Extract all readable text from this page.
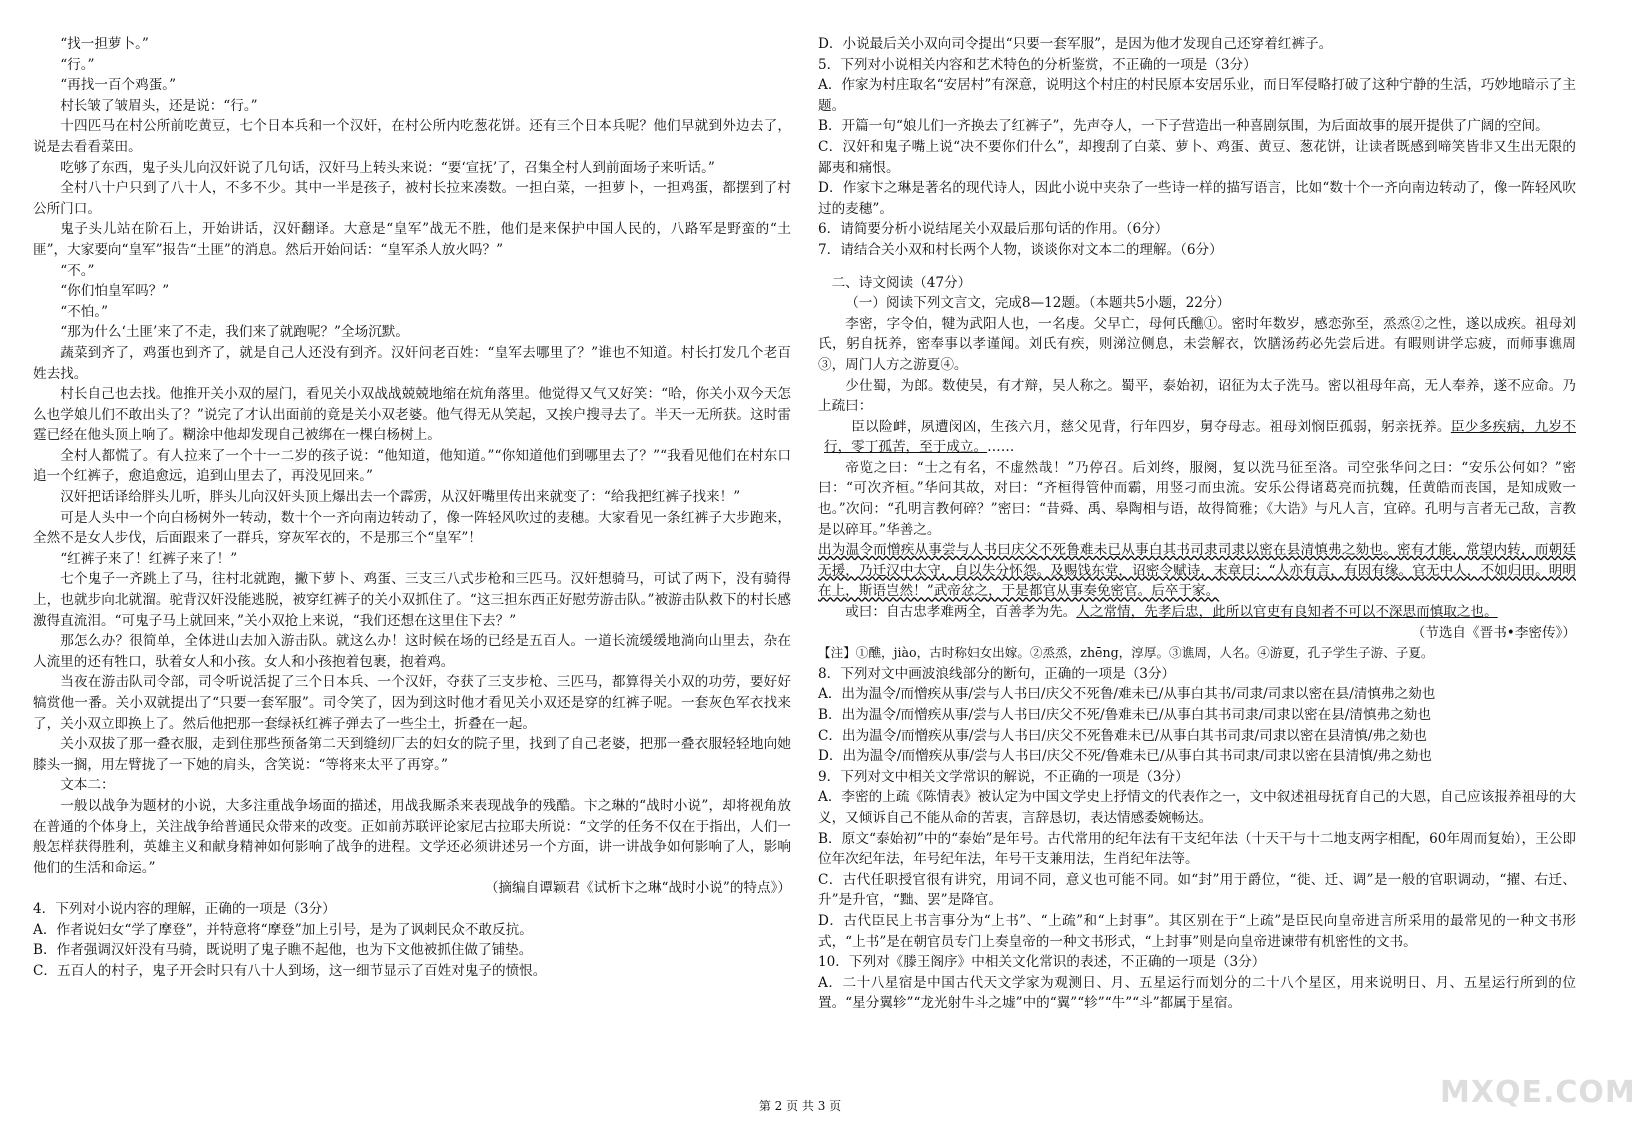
“找一担萝卜。”

“行。”

“再找一百个鸡蛋。”

村长皱了皱眉头，还是说：“行。”

十四匹马在村公所前吃黄豆，七个日本兵和一个汉奸，在村公所内吃葱花饼。还有三个日本兵呢？他们早就到外边去了，说是去看看菜田。

吃够了东西，鬼子头儿向汉奸说了几句话，汉奸马上转头来说：“要‘宣抚’了，召集全村人到前面场子来听话。”

全村八十户只到了八十人，不多不少。其中一半是孩子，被村长拉来凑数。一担白菜，一担萝卜，一担鸡蛋，都摆到了村公所门口。

鬼子头儿站在阶石上，开始讲话，汉奸翻译。大意是“皇军”战无不胜，他们是来保护中国人民的，八路军是野蛮的“土匪”，大家要向“皇军”报告“土匪”的消息。然后开始问话：“皇军杀人放火吗？”

“不。”

“你们怕皇军吗？”

“不怕。”

“那为什么‘土匪’来了不走，我们来了就跑呢？”全场沉默。

蔬菜到齐了，鸡蛋也到齐了，就是自己人还没有到齐。汉奸问老百姓：“皇军去哪里了？”谁也不知道。村长打发几个老百姓去找。

村长自己也去找。他推开关小双的屋门，看见关小双战战兢兢地缩在炕角落里。他觉得又气又好笑：“哈，你关小双今天怎么也学娘儿们不敢出头了？”说完了才认出面前的竟是关小双老婆。他气得无从笑起，又挨户搜寻去了。半天一无所获。这时雷霆已经在他头顶上响了。糊涂中他却发现自己被绑在一棵白杨树上。

全村人都慌了。有人拉来了一个十一二岁的孩子说：“他知道，他知道。”“你知道他们到哪里去了？”“我看见他们在村东口追一个红裤子，愈追愈远，追到山里去了，再没见回来。”

汉奸把话译给胖头儿听，胖头儿向汉奸头顶上爆出去一个霹雳，从汉奸嘴里传出来就变了：“给我把红裤子找来！”

可是人头中一个向白杨树外一转动，数十个一齐向南边转动了，像一阵轻风吹过的麦穗。大家看见一条红裤子大步跑来，全然不是女人步伐，后面跟来了一群兵，穿灰军衣的，不是那三个“皇军”！

“红裤子来了！红裤子来了！”

七个鬼子一齐跳上了马，往村北就跑，撇下萝卜、鸡蛋、三支三八式步枪和三匹马。汉奸想骑马，可试了两下，没有骑得上，也就步向北就溜。驼背汉奸没能逃脱，被穿红裤子的关小双抓住了。“这三担东西正好慰劳游击队。”被游击队救下的村长感激得直流泪。“可鬼子马上就回来，”关小双抢上来说，“我们还想在这里住下去？”

那怎么办？很简单，全体进山去加入游击队。就这么办！这时候在场的已经是五百人。一道长流缓缓地淌向山里去，杂在人流里的还有牲口，驮着女人和小孩。女人和小孩抱着包裹，抱着鸡。

当夜在游击队司令部，司令听说活捉了三个日本兵、一个汉奸，夺获了三支步枪、三匹马，都算得关小双的功劳，要好好犒赏他一番。关小双就提出了“只要一套军服”。司令笑了，因为到这时他才看见关小双还是穿的红裤子呢。一套灰色军衣找来了，关小双立即换上了。然后他把那一套绿袄红裤子弹去了一些尘土，折叠在一起。

关小双拔了那一叠衣服，走到住那些预备第二天到缝纫厂去的妇女的院子里，找到了自己老婆，把那一叠衣服轻轻地向她膝头一搁，用左臂拢了一下她的肩头，含笑说：“等将来太平了再穿。”

文本二：

一般以战争为题材的小说，大多注重战争场面的描述，用战我厮杀来表现战争的残酷。卞之琳的“战时小说”，却将视角放在普通的个体身上，关注战争给普通民众带来的改变。正如前苏联评论家尼古拉耶夫所说：“文学的任务不仅在于指出，人们一般怎样获得胜利，英雄主义和献身精神如何影响了战争的进程。文学还必须讲述另一个方面，讲一讲战争如何影响了人，影响他们的生活和命运。”

（摘编自谭颖君《试析卞之琳“战时小说”的特点》）

4．下列对小说内容的理解，正确的一项是（3分）

A．作者说妇女“学了摩登”，并特意将“摩登”加上引号，是为了讽刺民众不敢反抗。

B．作者强调汉奸没有马骑，既说明了鬼子瞧不起他，也为下文他被抓住做了铺垫。

C．五百人的村子，鬼子开会时只有八十人到场，这一细节显示了百姓对鬼子的愤恨。

D．小说最后关小双向司令提出“只要一套军服”，是因为他才发现自己还穿着红裤子。

5．下列对小说相关内容和艺术特色的分析鉴赏，不正确的一项是（3分）

A．作家为村庄取名“安居村”有深意，说明这个村庄的村民原本安居乐业，而日军侵略打破了这种宁静的生活，巧妙地暗示了主题。

B．开篇一句“娘儿们一齐换去了红裤子”，先声夺人，一下子营造出一种喜剧氛围，为后面故事的展开提供了广阔的空间。

C．汉奸和鬼子嘴上说“决不要你们什么”，却搜刮了白菜、萝卜、鸡蛋、黄豆、葱花饼，让读者既感到啼笑皆非又生出无限的鄙夷和痛恨。

D．作家卞之琳是著名的现代诗人，因此小说中夹杂了一些诗一样的描写语言，比如“数十个一齐向南边转动了，像一阵轻风吹过的麦穗”。

6．请简要分析小说结尾关小双最后那句话的作用。（6分）

7．请结合关小双和村长两个人物，谈谈你对文本二的理解。（6分）

二、诗文阅读（47分）

（一）阅读下列文言文，完成8—12题。（本题共5小题，22分）

李密，字令伯，犍为武阳人也，一名虔。父早亡，母何氏醮①。密时年数岁，感恋弥至，烝烝②之性，遂以成疾。祖母刘氏，躬自抚养，密奉事以孝谨闻。刘氏有疾，则涕泣侧息，未尝解衣，饮膳汤药必先尝后进。有暇则讲学忘疲，而师事谯周③，周门人方之游夏④。

少仕蜀，为郎。数使吴，有才辩，吴人称之。蜀平，泰始初，诏征为太子洗马。密以祖母年高，无人奉养，遂不应命。乃上疏曰：

臣以险衅，夙遭闵凶，生孩六月，慈父见背，行年四岁，舅夺母志。祖母刘悯臣孤弱，躬亲抚养。臣少多疾病，九岁不行，零丁孤苦，至于成立。……

帝览之曰：“士之有名，不虚然哉！”乃停召。后刘终，服阕，复以洗马征至洛。司空张华问之曰：“安乐公何如？”密曰：“可次齐桓。”华问其故，对曰：“齐桓得管仲而霸，用竖刁而虫流。安乐公得诸葛亮而抗魏，任黄皓而丧国，是知成败一也。”次问：“孔明言教何碎？”密曰：“昔舜、禹、皋陶相与语，故得简雅；《大诰》与凡人言，宜碎。孔明与言者无己敌，言教是以碎耳。”华善之。

出为温令而憎疾从事尝与人书曰庆父不死鲁难未已从事白其书司隶司隶以密在县清慎弗之劾也。密有才能，常望内转，而朝廷无援，乃迁汉中太守，自以失分怀怨。及赐饯东堂，诏密令赋诗，末章曰：“人亦有言，有因有缘。官无中人，不如归田。明明在上，斯语岂然！”武帝忿之，于是都官从事奏免密官。后卒于家。

或曰：自古忠孝难两全，百善孝为先。人之常情，先孝后忠，此所以官吏有良知者不可以不深思而慎取之也。

（节选自《晋书•李密传》）

【注】①醮，jiào，古时称妇女出嫁。②烝烝，zhēng，淳厚。③谯周，人名。④游夏，孔子学生子游、子夏。

8．下列对文中画波浪线部分的断句，正确的一项是（3分）

A．出为温令/而憎疾从事/尝与人书曰/庆父不死鲁/难未已/从事白其书/司隶/司隶以密在县/清慎弗之劾也

B．出为温令/而憎疾从事/尝与人书曰/庆父不死/鲁难未已/从事白其书司隶/司隶以密在县/清慎弗之劾也

C．出为温令/而憎疾从事/尝与人书曰/庆父不死鲁难未已/从事白其书司隶/司隶以密在县清慎/弗之劾也

D．出为温令/而憎疾从事/尝与人书曰/庆父不死/鲁难未已/从事白其书司隶/司隶以密在县清慎/弗之劾也

9．下列对文中相关文学常识的解说，不正确的一项是（3分）

A．李密的上疏《陈情表》被认定为中国文学史上抒情文的代表作之一，文中叙述祖母抚育自己的大恩，自己应该报养祖母的大义，又倾诉自己不能从命的苦衷，言辞恳切，表达情感委婉畅达。

B．原文“泰始初”中的“泰始”是年号。古代常用的纪年法有干支纪年法（十天干与十二地支两字相配，60年周而复始），王公即位年次纪年法，年号纪年法，年号干支兼用法，生肖纪年法等。

C．古代任职授官很有讲究，用词不同，意义也可能不同。如“封”用于爵位，“徙、迁、调”是一般的官职调动，“擢、右迁、升”是升官，“黜、罢”是降官。

D．古代臣民上书言事分为“上书”、“上疏”和“上封事”。其区别在于“上疏”是臣民向皇帝进言所采用的最常见的一种文书形式，“上书”是在朝官员专门上奏皇帝的一种文书形式，“上封事”则是向皇帝进谏带有机密性的文书。

10．下列对《滕王阁序》中相关文化常识的表述，不正确的一项是（3分）

A．二十八星宿是中国古代天文学家为观测日、月、五星运行而划分的二十八个星区，用来说明日、月、五星运行所到的位置。“星分翼轸”“龙光射牛斗之墟”中的“翼”“轸”“牛”“斗”都属于星宿。

第 2 页 共 3 页	MXQE.COM
